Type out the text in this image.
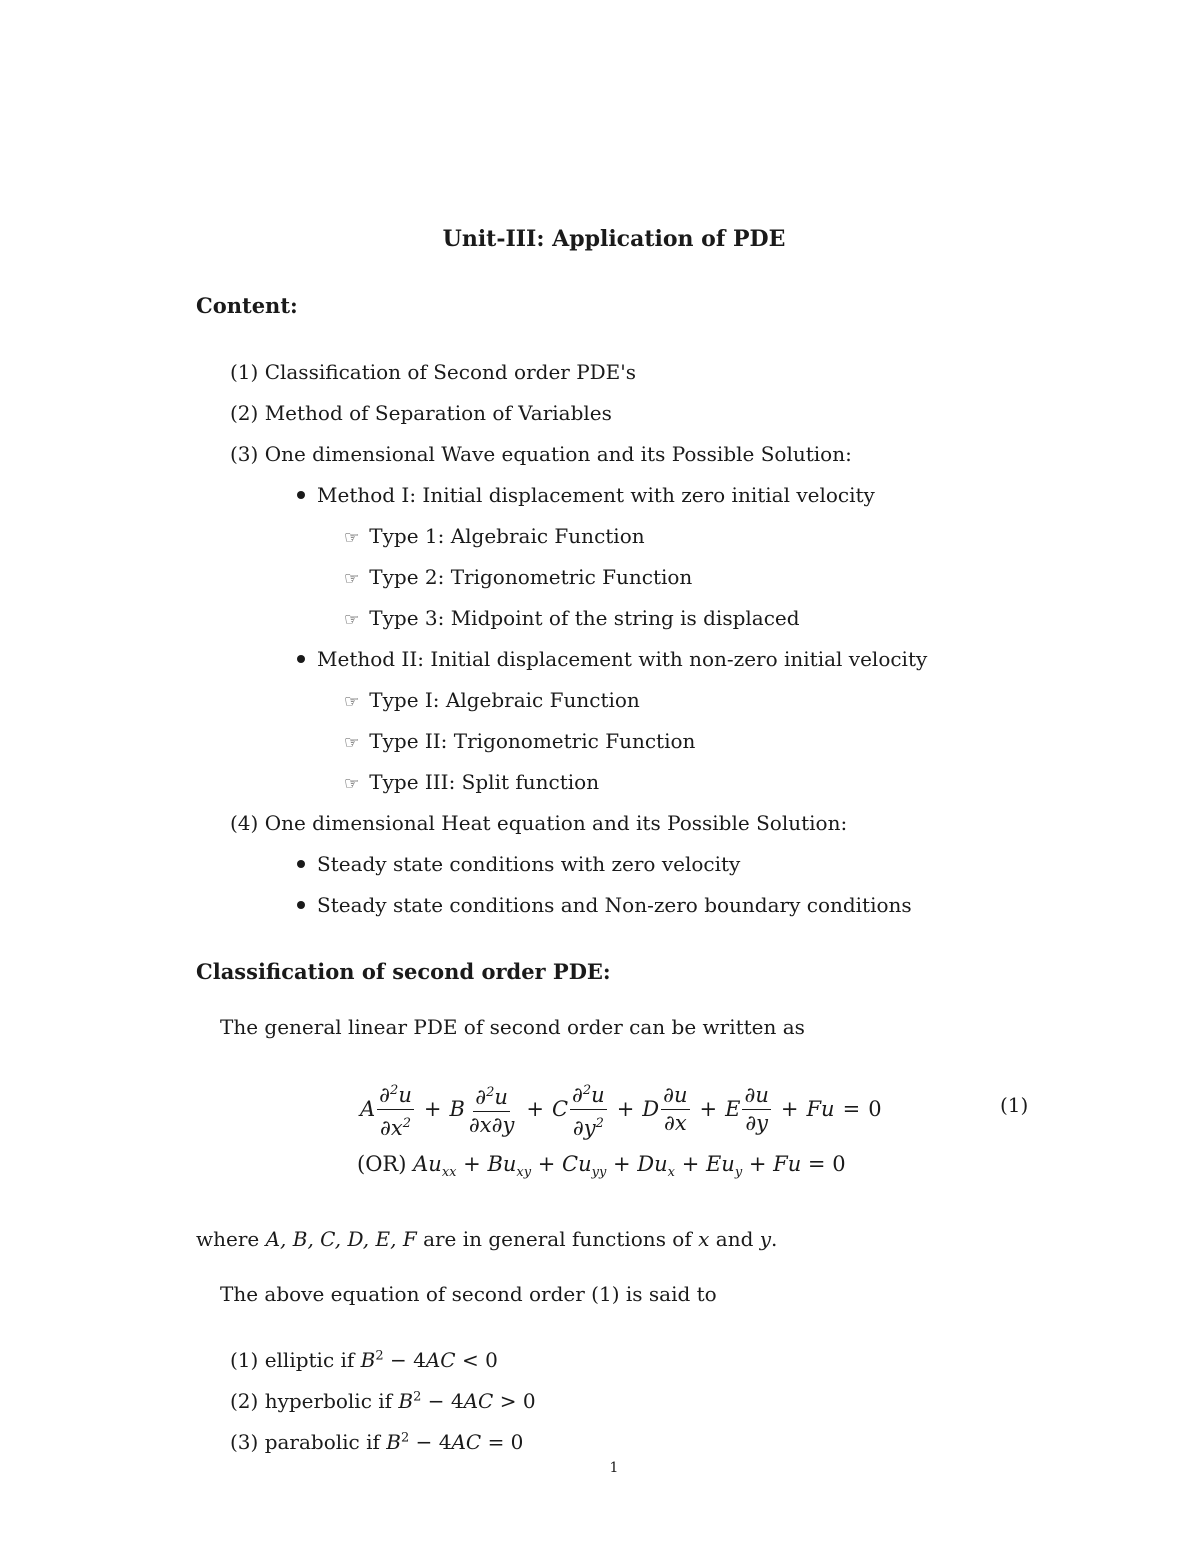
Unit-III: Application of PDE
Content:
(1) Classification of Second order PDE's
(2) Method of Separation of Variables
(3) One dimensional Wave equation and its Possible Solution:
Method I: Initial displacement with zero initial velocity
☞ Type 1: Algebraic Function
☞ Type 2: Trigonometric Function
☞ Type 3: Midpoint of the string is displaced
Method II: Initial displacement with non-zero initial velocity
☞ Type I: Algebraic Function
☞ Type II: Trigonometric Function
☞ Type III: Split function
(4) One dimensional Heat equation and its Possible Solution:
Steady state conditions with zero velocity
Steady state conditions and Non-zero boundary conditions
Classification of second order PDE:
The general linear PDE of second order can be written as
A $\frac{\partial^2u}{\partial x^2} + B \frac{\partial^2u}{\partial x\partial y} + C \frac{\partial^2u}{\partial y^2} + D \frac{\partial u}{\partial x} + E \frac{\partial u}{\partial y} + Fu = 0$	(1)
(OR) $Au_{xx} + Bu_{xy} + Cu_{yy} + Du_x + Eu_y + Fu = 0$
where A, B, C, D, E, F are in general functions of x and y.
The above equation of second order (1) is said to
(1) elliptic if $B^2 - 4AC < 0$
(2) hyperbolic if $B^2 - 4AC > 0$
(3) parabolic if $B^2 - 4AC = 0$
1
